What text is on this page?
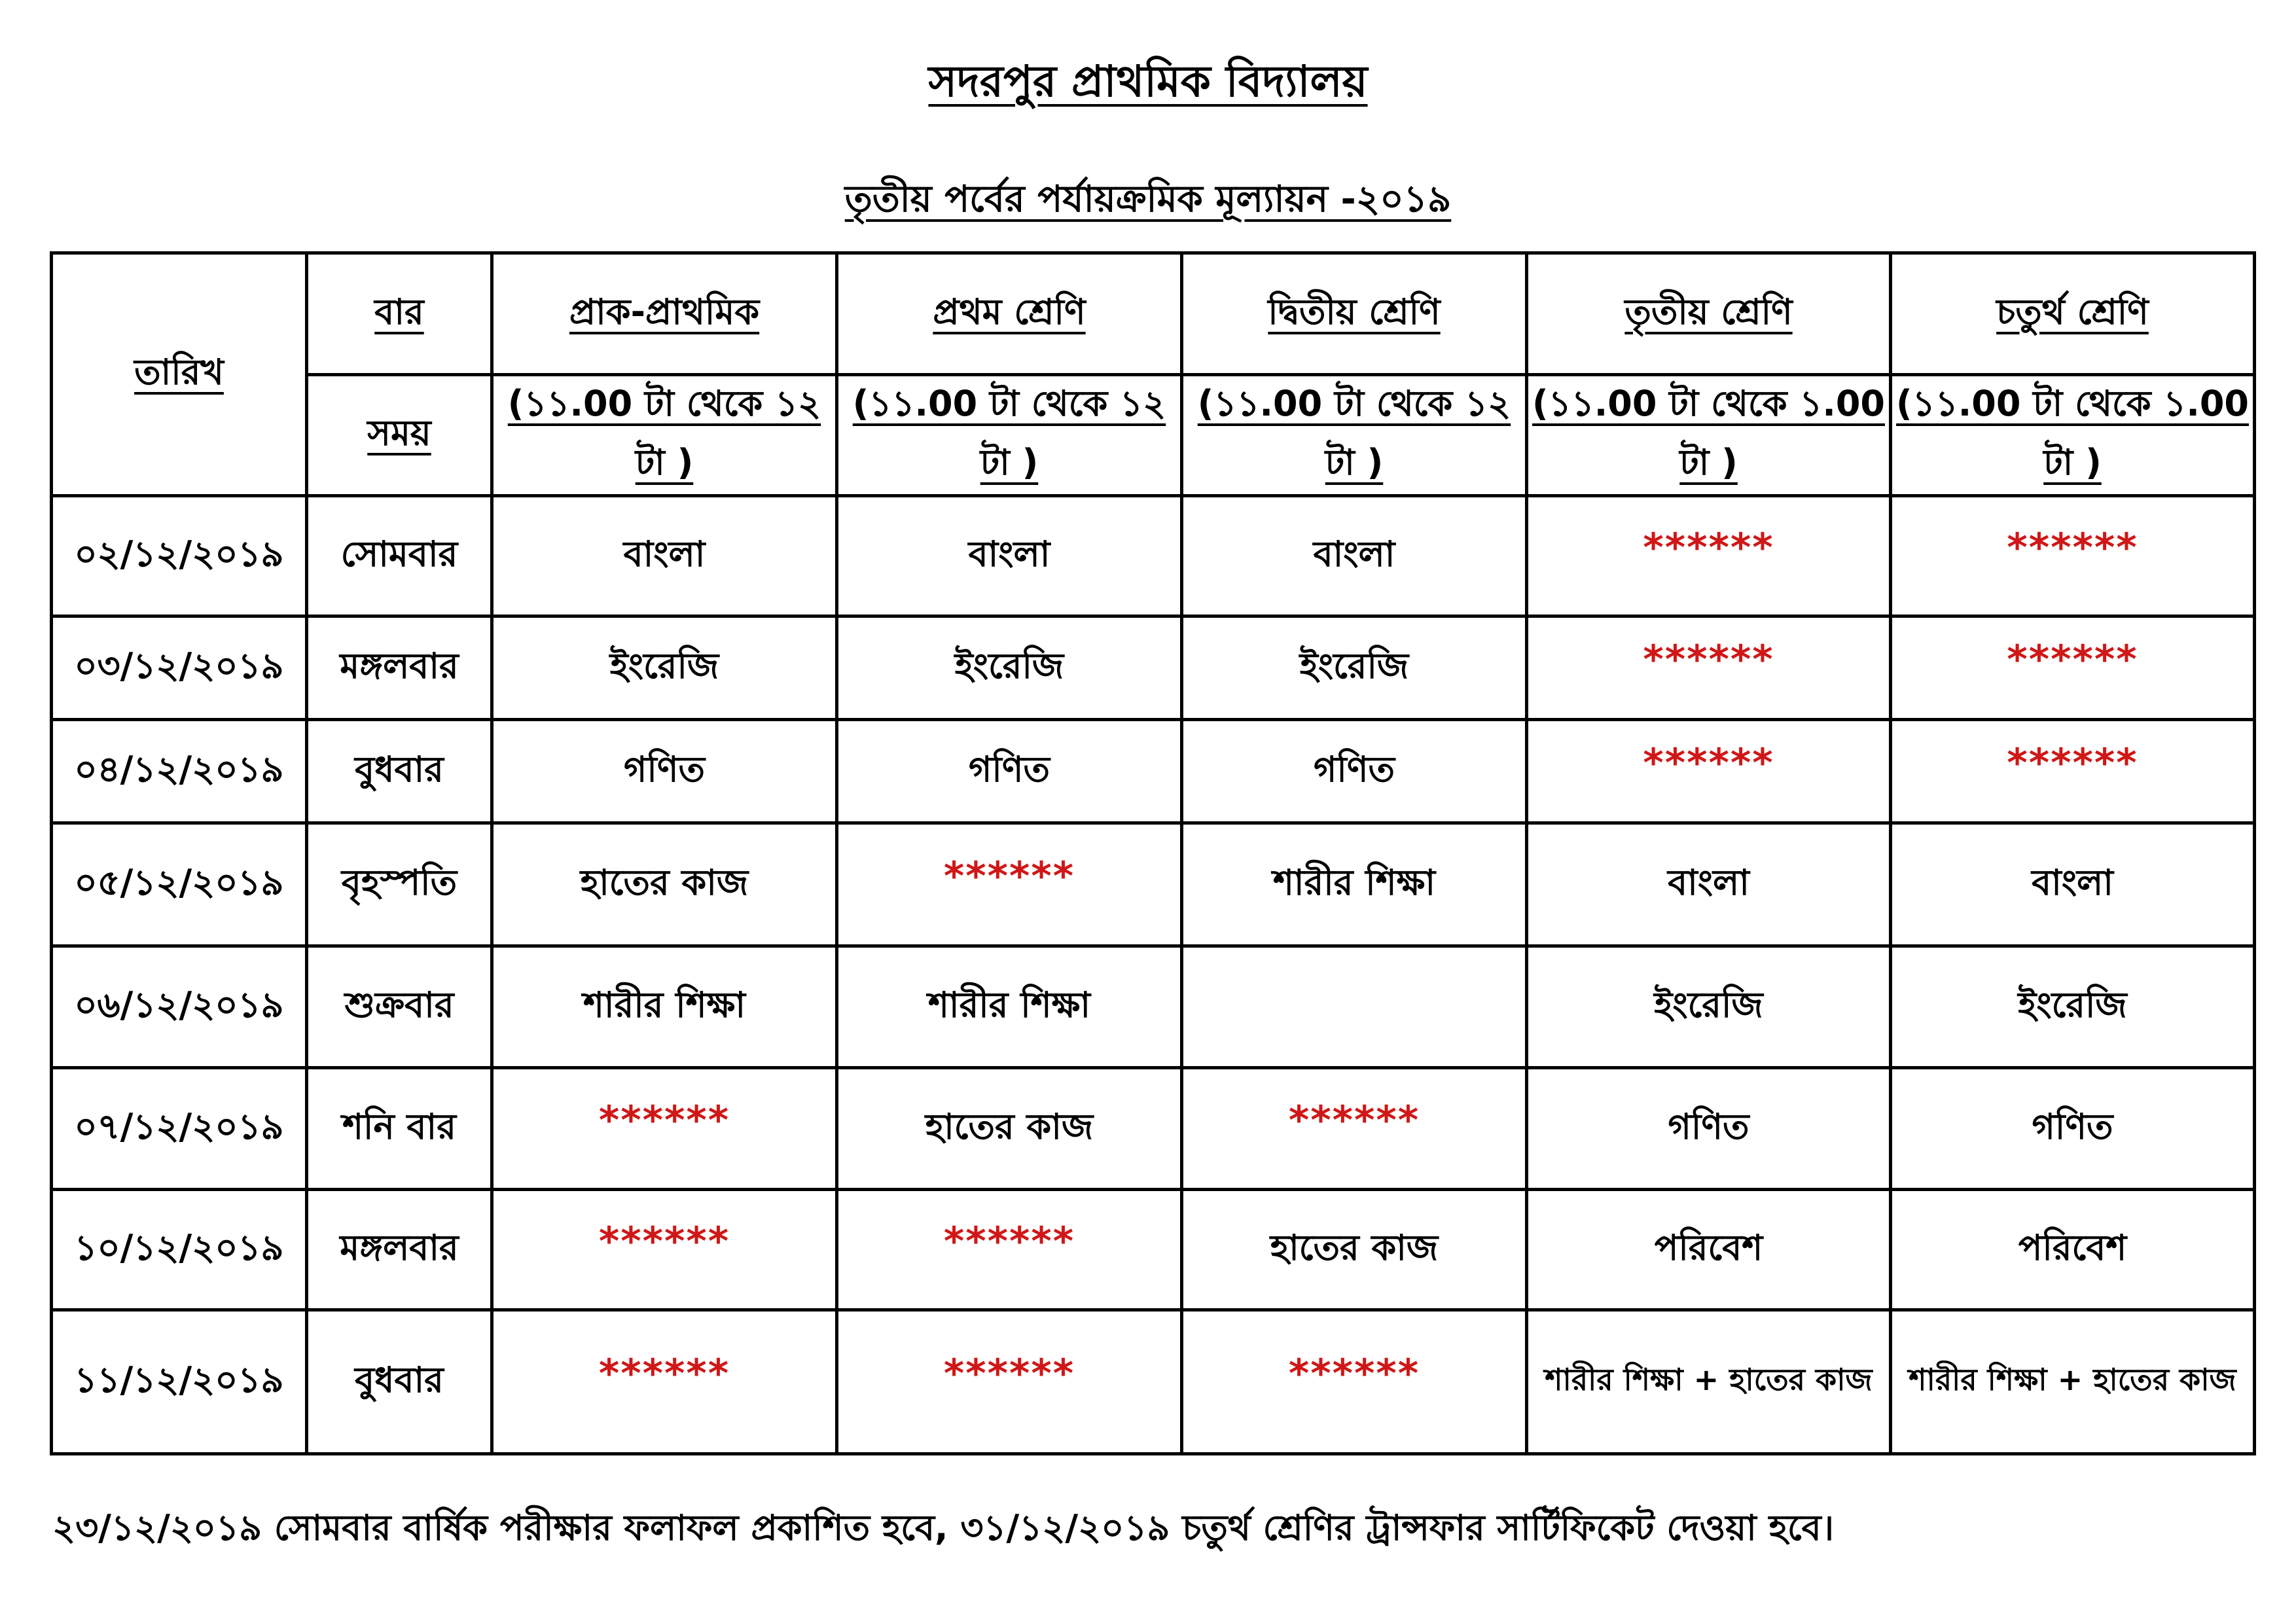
সদরপুর প্রাথমিক বিদ্যালয়
তৃতীয় পর্বের পর্যায়ক্রমিক মূল্যায়ন -২০১৯
তারিখ	বার	প্রাক-প্রাথমিক	প্রথম শ্রেণি	দ্বিতীয় শ্রেণি	তৃতীয় শ্রেণি	চতুর্থ শ্রেণি
	সময়	(১১.00 টা থেকে ১২ টা )	(১১.00 টা থেকে ১২ টা )	(১১.00 টা থেকে ১২ টা )	(১১.00 টা থেকে ১.00 টা )	(১১.00 টা থেকে ১.00 টা )
০২/১২/২০১৯	সোমবার	বাংলা	বাংলা	বাংলা	******	******
০৩/১২/২০১৯	মঙ্গলবার	ইংরেজি	ইংরেজি	ইংরেজি	******	******
০৪/১২/২০১৯	বুধবার	গণিত	গণিত	গণিত	******	******
০৫/১২/২০১৯	বৃহস্পতি	হাতের কাজ	******	শারীর শিক্ষা	বাংলা	বাংলা
০৬/১২/২০১৯	শুক্রবার	শারীর শিক্ষা	শারীর শিক্ষা		ইংরেজি	ইংরেজি
০৭/১২/২০১৯	শনি বার	******	হাতের কাজ	******	গণিত	গণিত
১০/১২/২০১৯	মঙ্গলবার	******	******	হাতের কাজ	পরিবেশ	পরিবেশ
১১/১২/২০১৯	বুধবার	******	******	******	শারীর শিক্ষা + হাতের কাজ	শারীর শিক্ষা + হাতের কাজ
২৩/১২/২০১৯ সোমবার বার্ষিক পরীক্ষার ফলাফল প্রকাশিত হবে, ৩১/১২/২০১৯ চতুর্থ শ্রেণির ট্রান্সফার সার্টিফিকেট দেওয়া হবে।
